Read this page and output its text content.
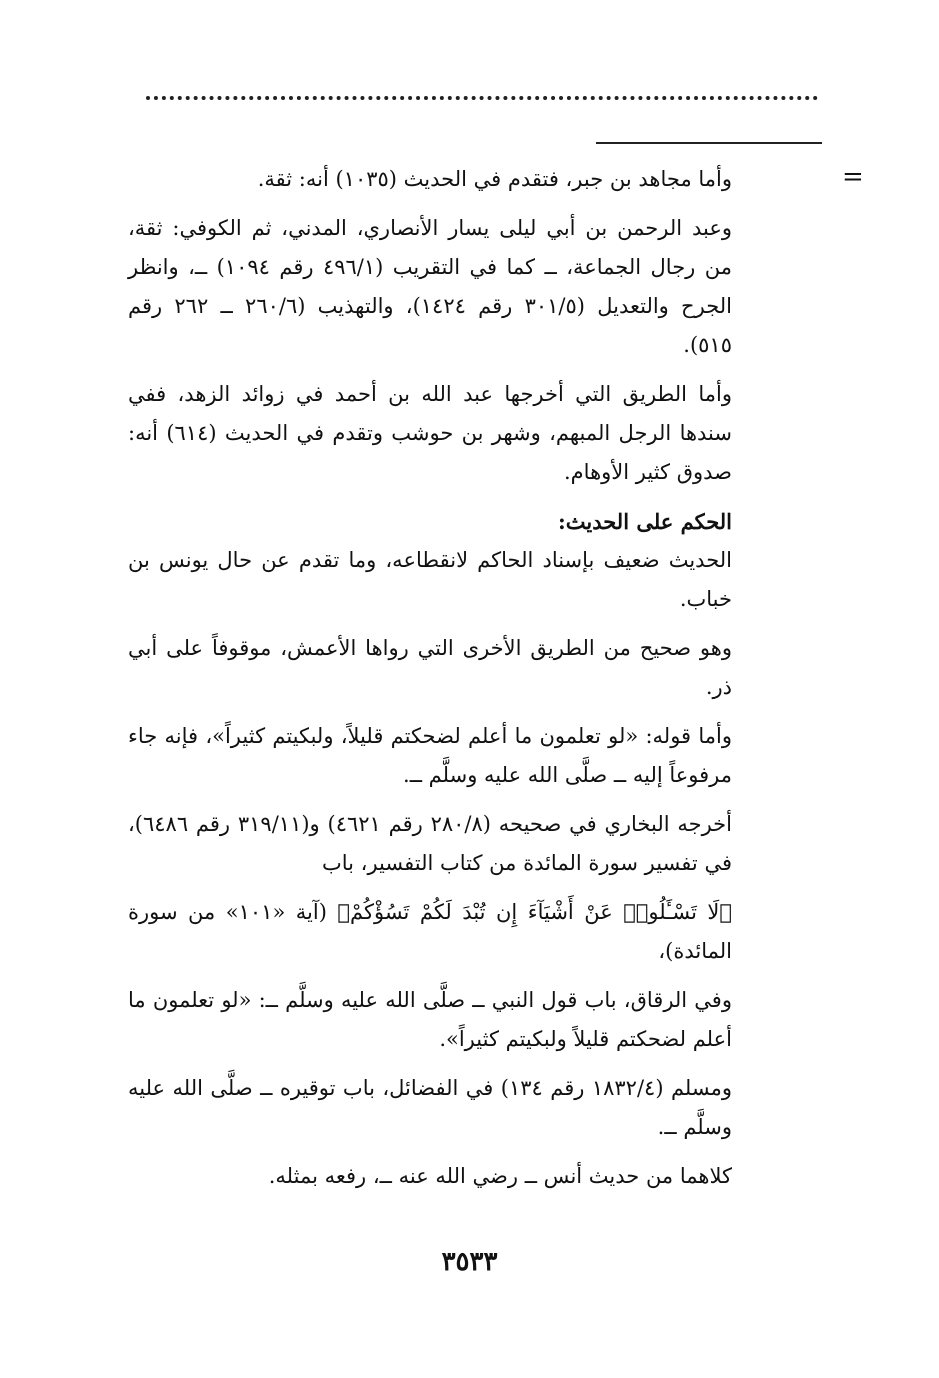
=

وأما مجاهد بن جبر، فتقدم في الحديث (١٠٣٥) أنه: ثقة.

وعبد الرحمن بن أبي ليلى يسار الأنصاري، المدني، ثم الكوفي: ثقة، من رجال الجماعة، ــ كما في التقريب (٤٩٦/١ رقم ١٠٩٤) ــ، وانظر الجرح والتعديل (٣٠١/٥ رقم ١٤٢٤)، والتهذيب (٢٦٠/٦ ــ ٢٦٢ رقم ٥١٥).

وأما الطريق التي أخرجها عبد الله بن أحمد في زوائد الزهد، ففي سندها الرجل المبهم، وشهر بن حوشب وتقدم في الحديث (٦١٤) أنه: صدوق كثير الأوهام.

الحكم على الحديث:

الحديث ضعيف بإسناد الحاكم لانقطاعه، وما تقدم عن حال يونس بن خباب.

وهو صحيح من الطريق الأخرى التي رواها الأعمش، موقوفاً على أبي ذر.

وأما قوله: «لو تعلمون ما أعلم لضحكتم قليلاً، ولبكيتم كثيراً»، فإنه جاء مرفوعاً إليه ــ صلَّى الله عليه وسلَّم ــ.

أخرجه البخاري في صحيحه (٢٨٠/٨ رقم ٤٦٢١) و(٣١٩/١١ رقم ٦٤٨٦)، في تفسير سورة المائدة من كتاب التفسير، باب

﴿لَا تَسْـَٔلُوا۟ عَنْ أَشْيَآءَ إِن تُبْدَ لَكُمْ تَسُؤْكُمْ﴾ (آية «١٠١» من سورة المائدة)،

وفي الرقاق، باب قول النبي ــ صلَّى الله عليه وسلَّم ــ: «لو تعلمون ما أعلم لضحكتم قليلاً ولبكيتم كثيراً».

ومسلم (١٨٣٢/٤ رقم ١٣٤) في الفضائل، باب توقيره ــ صلَّى الله عليه وسلَّم ــ.

كلاهما من حديث أنس ــ رضي الله عنه ــ، رفعه بمثله.

٣٥٣٣
